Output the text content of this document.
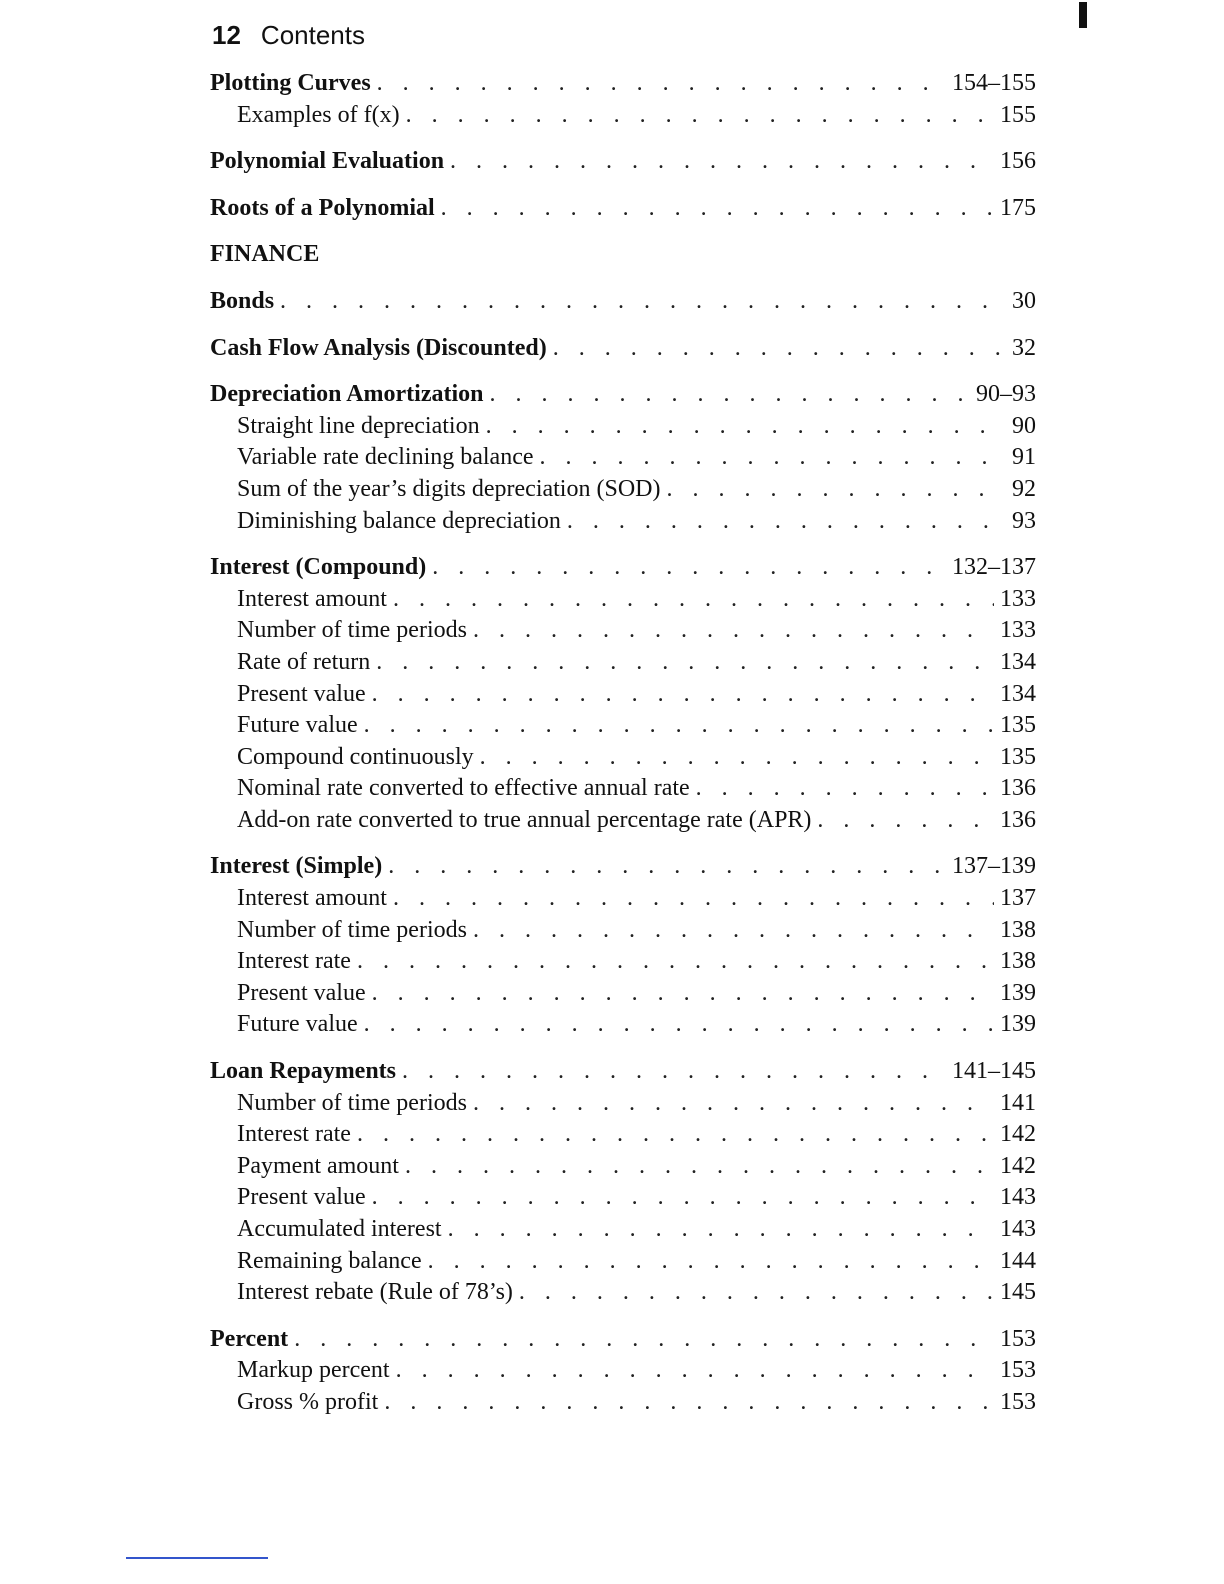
12 Contents
Plotting Curves . . .	154–155
Examples of f(x) . . .	155
Polynomial Evaluation . . .	156
Roots of a Polynomial . . .	175
FINANCE
Bonds . . .	30
Cash Flow Analysis (Discounted) . . .	32
Depreciation Amortization . . .	90–93
Straight line depreciation . . .	90
Variable rate declining balance . . .	91
Sum of the year’s digits depreciation (SOD) . . .	92
Diminishing balance depreciation . . .	93
Interest (Compound) . . .	132–137
Interest amount . . .	133
Number of time periods . . .	133
Rate of return . . .	134
Present value . . .	134
Future value . . .	135
Compound continuously . . .	135
Nominal rate converted to effective annual rate . . .	136
Add-on rate converted to true annual percentage rate (APR) . . .	136
Interest (Simple) . . .	137–139
Interest amount . . .	137
Number of time periods . . .	138
Interest rate . . .	138
Present value . . .	139
Future value . . .	139
Loan Repayments . . .	141–145
Number of time periods . . .	141
Interest rate . . .	142
Payment amount . . .	142
Present value . . .	143
Accumulated interest . . .	143
Remaining balance . . .	144
Interest rebate (Rule of 78’s) . . .	145
Percent . . .	153
Markup percent . . .	153
Gross % profit . . .	153
